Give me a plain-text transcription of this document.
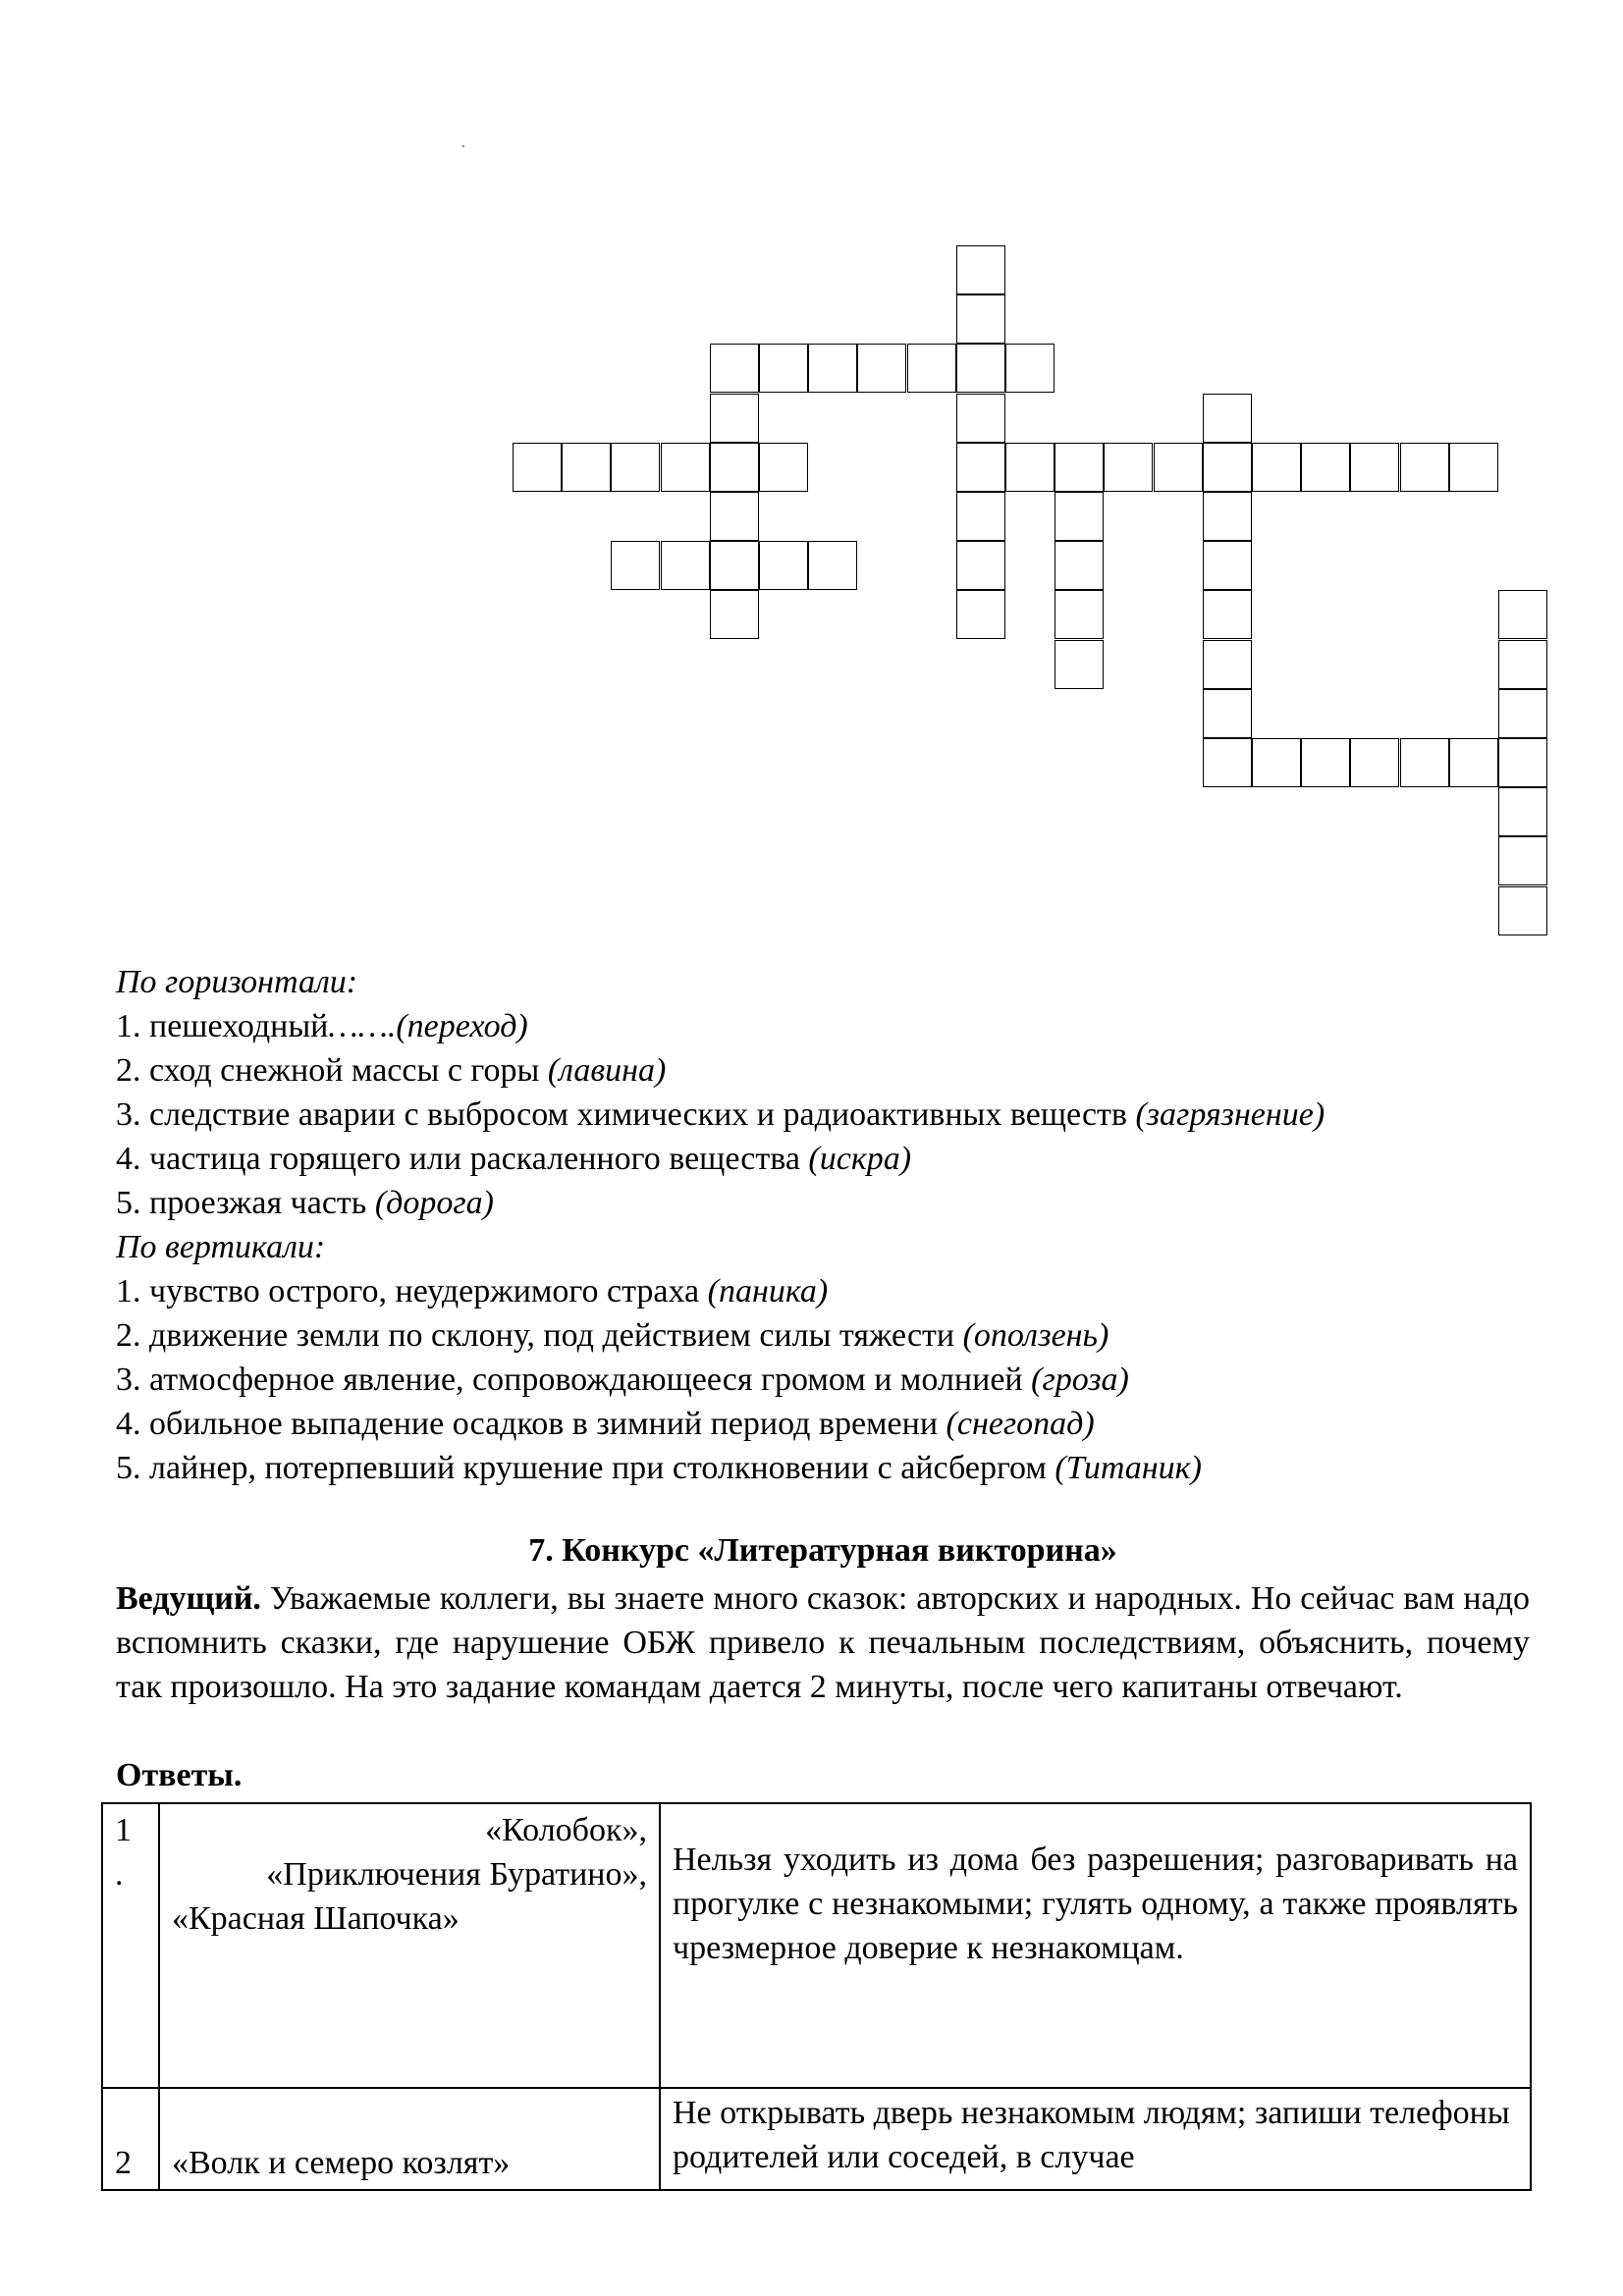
По горизонтали:
1. пешеходный…….(переход)
2. сход снежной массы с горы (лавина)
3. следствие аварии с выбросом химических и радиоактивных веществ (загрязнение)
4. частица горящего или раскаленного вещества (искра)
5. проезжая часть (дорога)
По вертикали:
1. чувство острого, неудержимого страха (паника)
2. движение земли по склону, под действием силы тяжести (оползень)
3. атмосферное явление, сопровождающееся громом и молнией (гроза)
4. обильное выпадение осадков в зимний период времени (снегопад)
5. лайнер, потерпевший крушение при столкновении с айсбергом (Титаник)
7. Конкурс «Литературная викторина»
Ведущий. Уважаемые коллеги, вы знаете много сказок: авторских и народных. Но сейчас вам надо вспомнить сказки, где нарушение ОБЖ привело к печальным последствиям, объяснить, почему так произошло. На это задание командам дается 2 минуты, после чего капитаны отвечают.
Ответы.
1
.	«Колобок»,
«Приключения Буратино»,
«Красная Шапочка»	Нельзя уходить из дома без разрешения; разговаривать на прогулке с незнакомыми; гулять одному, а также проявлять чрезмерное доверие к незнакомцам.
2	«Волк и семеро козлят»	Не открывать дверь незнакомым людям; запиши телефоны родителей или соседей, в случае
